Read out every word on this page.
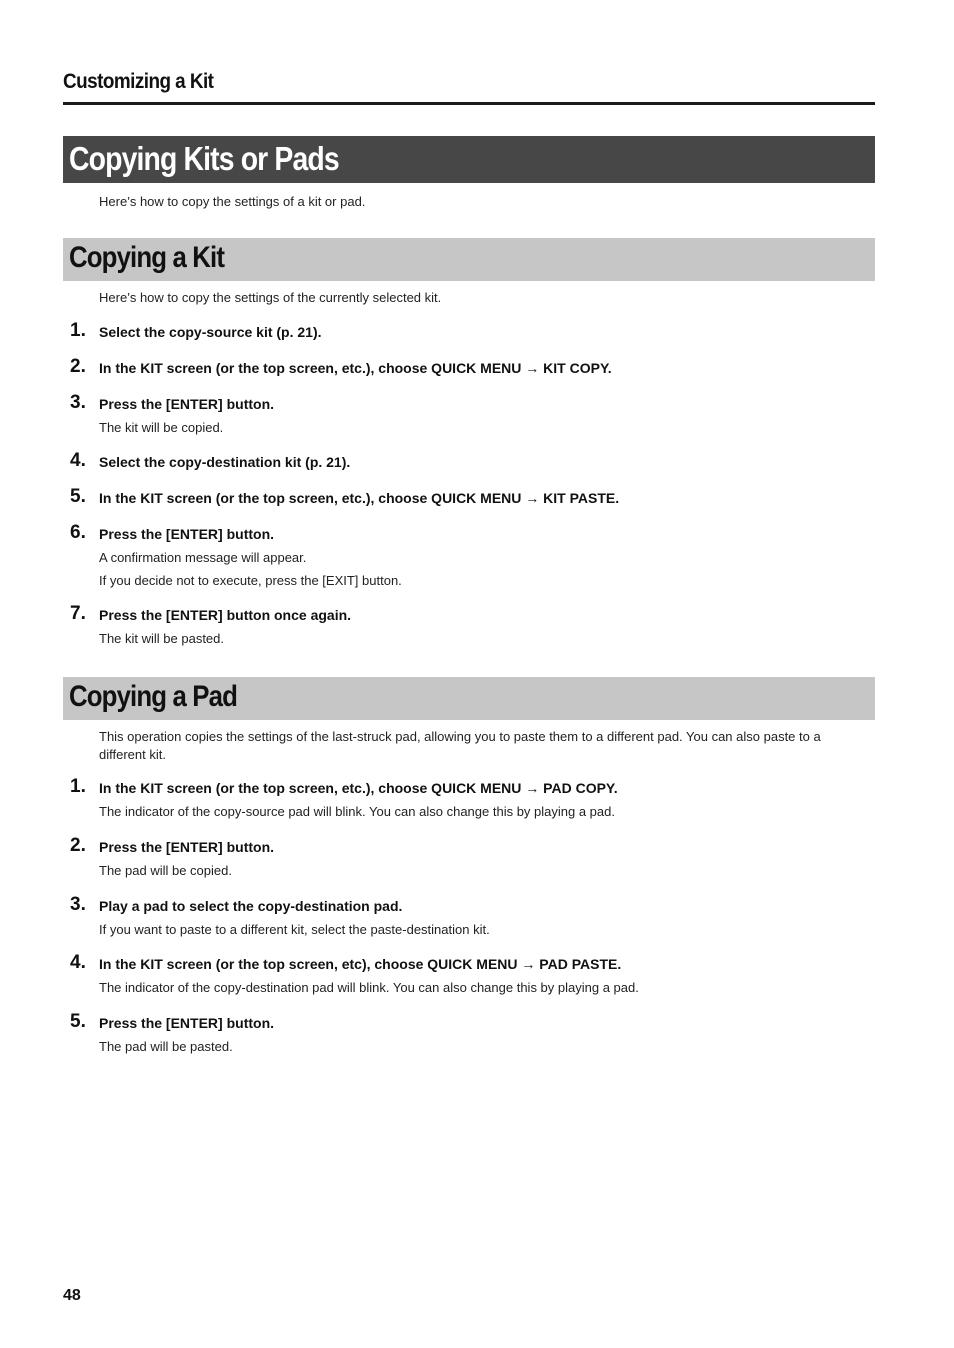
Customizing a Kit
Copying Kits or Pads
Here’s how to copy the settings of a kit or pad.
Copying a Kit
Here’s how to copy the settings of the currently selected kit.
1. Select the copy-source kit (p. 21).
2. In the KIT screen (or the top screen, etc.), choose QUICK MENU → KIT COPY.
3. Press the [ENTER] button.
The kit will be copied.
4. Select the copy-destination kit (p. 21).
5. In the KIT screen (or the top screen, etc.), choose QUICK MENU → KIT PASTE.
6. Press the [ENTER] button.
A confirmation message will appear.
If you decide not to execute, press the [EXIT] button.
7. Press the [ENTER] button once again.
The kit will be pasted.
Copying a Pad
This operation copies the settings of the last-struck pad, allowing you to paste them to a different pad. You can also paste to a different kit.
1. In the KIT screen (or the top screen, etc.), choose QUICK MENU → PAD COPY.
The indicator of the copy-source pad will blink. You can also change this by playing a pad.
2. Press the [ENTER] button.
The pad will be copied.
3. Play a pad to select the copy-destination pad.
If you want to paste to a different kit, select the paste-destination kit.
4. In the KIT screen (or the top screen, etc), choose QUICK MENU → PAD PASTE.
The indicator of the copy-destination pad will blink. You can also change this by playing a pad.
5. Press the [ENTER] button.
The pad will be pasted.
48
